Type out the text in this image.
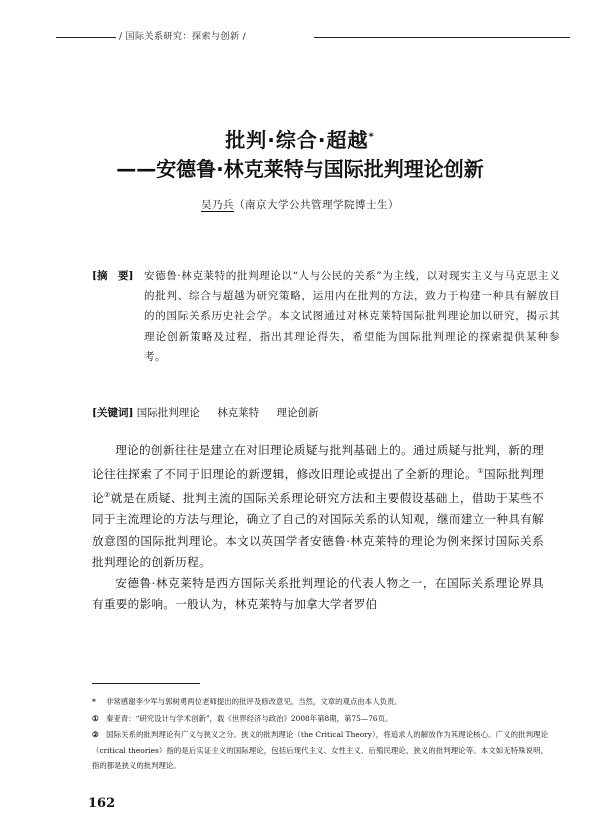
/ 国际关系研究：探索与创新 /
批判·综合·超越*
——安德鲁·林克莱特与国际批判理论创新
吴乃兵（南京大学公共管理学院博士生）
[摘　要]	安德鲁·林克莱特的批判理论以“人与公民的关系”为主线，以对现实主义与马克思主义的批判、综合与超越为研究策略，运用内在批判的方法，致力于构建一种具有解放目的的国际关系历史社会学。本文试图通过对林克莱特国际批判理论加以研究，揭示其理论创新策略及过程，指出其理论得失，希望能为国际批判理论的探索提供某种参考。
[关键词] 国际批判理论 林克莱特 理论创新

理论的创新往往是建立在对旧理论质疑与批判基础上的。通过质疑与批判，新的理论往往探索了不同于旧理论的新逻辑，修改旧理论或提出了全新的理论。①国际批判理论②就是在质疑、批判主流的国际关系理论研究方法和主要假设基础上，借助于某些不同于主流理论的方法与理论，确立了自己的对国际关系的认知观，继而建立一种具有解放意图的国际批判理论。本文以英国学者安德鲁·林克莱特的理论为例来探讨国际关系批判理论的创新历程。

安德鲁·林克莱特是西方国际关系批判理论的代表人物之一，在国际关系理论界具有重要的影响。一般认为，林克莱特与加拿大学者罗伯

* 非常感谢李少军与郭树勇两位老师提出的批评及修改意见。当然，文章的观点由本人负责。

① 秦亚青：“研究设计与学术创新”，载《世界经济与政治》2008年第8期，第75—76页。

② 国际关系的批判理论有广义与狭义之分。狭义的批判理论（the Critical Theory），将追求人的解放作为其理论核心。广义的批判理论（critical theories）指的是后实证主义的国际理论，包括后现代主义、女性主义、后殖民理论、狭义的批判理论等。本文如无特殊说明，指的都是狭义的批判理论。

162
